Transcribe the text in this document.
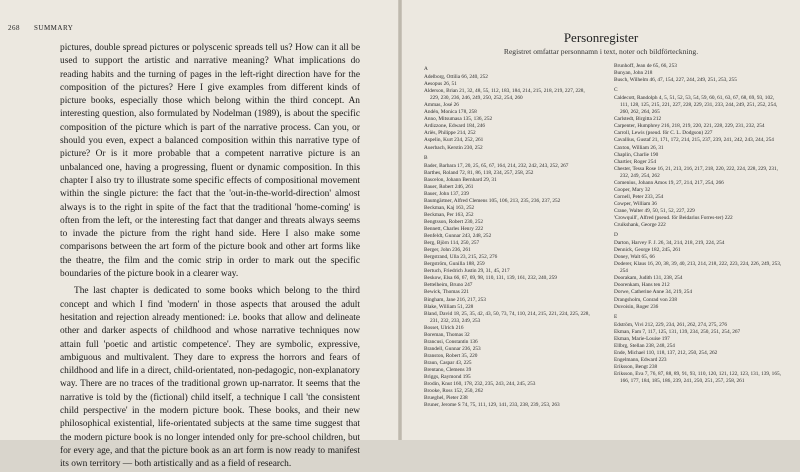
268 SUMMARY

pictures, double spread pictures or polyscenic spreads tell us? How can it all be used to support the artistic and narrative meaning? What implications do reading habits and the turning of pages in the left-right direction have for the composition of the pictures? Here I give examples from different kinds of picture books, especially those which belong within the third concept. An interesting question, also formulated by Nodelman (1989), is about the specific composition of the picture which is part of the narrative process. Can you, or should you even, expect a balanced composition within this narrative type of picture? Or is it more probable that a competent narrative picture is an unbalanced one, having a progressing, fluent or dynamic composition. In this chapter I also try to illustrate some specific effects of compositional movement within the single picture: the fact that the 'out-in-the-world-direction' almost always is to the right in spite of the fact that the traditional 'home-coming' is often from the left, or the interesting fact that danger and threats always seems to invade the picture from the right hand side. Here I also make some comparisons between the art form of the picture book and other art forms like the theatre, the film and the comic strip in order to mark out the specific boundaries of the picture book in a clearer way.

The last chapter is dedicated to some books which belong to the third concept and which I find 'modern' in those aspects that aroused the adult hesitation and rejection already mentioned: i.e. books that allow and delineate other and darker aspects of childhood and whose narrative techniques now attain full 'poetic and artistic competence'. They are symbolic, expressive, ambiguous and multivalent. They dare to express the horrors and fears of childhood and life in a direct, child-orientated, non-pedagogic, non-explanatory way. There are no traces of the traditional grown up-narrator. It seems that the narrative is told by the (fictional) child itself, a technique I call 'the consistent child perspective' in the modern picture book. These books, and their new philosophical existential, life-orientated subjects at the same time suggest that the modern picture book is no longer intended only for pre-school children, but for every age, and that the picture book as an art form is now ready to manifest its own territory — both artistically and as a field of research.

Personregister
Registret omfattar personnamn i text, noter och bildförteckning.
A
Adelborg, Ottilia 66, 240, 252
Aesopus 26, 51
Alderson, Brian 21, 32, 48, 55, 112, 183, 184, 214, 215, 218, 219, 227, 228, 229, 230, 236, 246, 249, 250, 252, 254, 260
Ammas, José 26
Andén, Monica 178, 258
Anno, Mitsumasa 135, 136, 252
Ardizzone, Edward 184, 246
Ariès, Philippe 214, 252
Aspelin, Kurt 234, 252, 261
Auerbach, Kerstin 230, 252
B
Bader, Barbara 17, 20, 25, 65, 67, 164, 214, 232, 242, 243, 252, 267
Barthes, Roland 72, 81, 86, 118, 234, 257, 258, 252
Bascelon, Johann Bernhard 29, 31
Bauer, Robert 246, 261
Bauer, John 137, 239
Baumgärtner, Alfred Clemens 105, 106, 213, 235, 236, 237, 252
Beckman, Kaj 163, 252
Beckman, Per 163, 252
Bengtsson, Robert 230, 252
Bennett, Charles Henry 222
Benfeldt, Gunnar 243, 248, 252
Berg, Björn 114, 250, 257
Berger, John 236, 261
Bergstrand, Ulla 23, 215, 252, 276
Bergström, Gunilla 188, 259
Bertuch, Friedrich Justin 29, 31, 45, 217
Beskow, Elsa 66, 67, 69, 98, 110, 131, 139, 161, 232, 240, 259
Bettelheim, Bruno 247
Bewick, Thomas 221
Bingham, Jane 216, 217, 253
Blake, William 51, 228
Bland, David 18, 25, 35, 42, 43, 50, 73, 74, 110, 214, 215, 221, 224, 225, 228, 231, 232, 233, 249, 253
Bosset, Ulrich 216
Boreman, Thomas 32
Brancusi, Constantin 136
Brandell, Gunnar 236, 253
Branston, Robert 35, 220
Braun, Caspar 43, 225
Brentano, Clemens 39
Briggs, Raymond 195
Brodin, Knut 160, 178, 232, 235, 243, 244, 245, 253
Brooke, Ross 152, 250, 262
Brueghel, Pieter 238
Bruner, Jerome S 74, 75, 111, 129, 141, 233, 238, 239, 253, 263
Brunhoff, Jean de 65, 66, 253
Bunyan, John 218
Busch, Wilhelm 46, 47, 154, 227, 244, 249, 251, 253, 255
C
Caldecott, Randolph 4, 5, 51, 52, 53, 54, 59, 60, 61, 63, 67, 68, 69, 93, 102, 111, 128, 125, 215, 221, 227, 228, 229, 231, 233, 244, 249, 251, 252, 254, 260, 262, 264, 265
Carlstedt, Birgitta 212
Carpenter, Humphrey 216, 218, 219, 220, 221, 228, 229, 231, 232, 254
Carroll, Lewis (pseud. för C. L. Dodgson) 227
Cavallius, Gustaf 21, 171, 172, 214, 215, 237, 239, 241, 242, 243, 244, 254
Caxton, William 26, 31
Chaplin, Charlie 190
Chartier, Roger 254
Chester, Tessa Rose 16, 21, 213, 216, 217, 218, 220, 222, 224, 228, 229, 231, 232, 249, 254, 262
Comenius, Johann Amos 19, 27, 214, 217, 254, 266
Cooper, Mary 32
Cornell, Peter 233, 254
Cowper, William 36
Crane, Walter 49, 50, 51, 52, 227, 229
'Crowquill', Alfred (pseud. för Beidarius Forres-ter) 222
Cruikshank, George 222
D
Darton, Harvey F. J. 26, 34, 214, 218, 219, 224, 254
Dennick, George 182, 245, 261
Doney, Walt 65, 66
Doderer, Klaus 16, 20, 38, 39, 40, 213, 214, 218, 222, 223, 224, 226, 249, 253, 254
Doorakam, Judith 131, 238, 254
Doorenkam, Hans ten 212
Dorwe, Catherine Anne 34, 219, 254
Drangsholm, Conrad von 238
Duvoisin, Roger 236
E
Edström, Vivi 212, 229, 234, 261, 262, 274, 275, 276
Ekman, Fam 7, 117, 125, 131, 139, 234, 250, 251, 254, 267
Ekman, Marie-Louise 197
Ellbrg, Stellan 238, 248, 254
Ende, Michael 110, 118, 137, 212, 250, 254, 262
Engelmann, Edward 223
Eriksson, Bengt 238
Eriksson, Eva 7, 76, 87, 88, 89, 91, 93, 110, 120, 121, 122, 123, 131, 139, 165, 166, 177, 184, 185, 186, 239, 241, 250, 251, 257, 258, 261
